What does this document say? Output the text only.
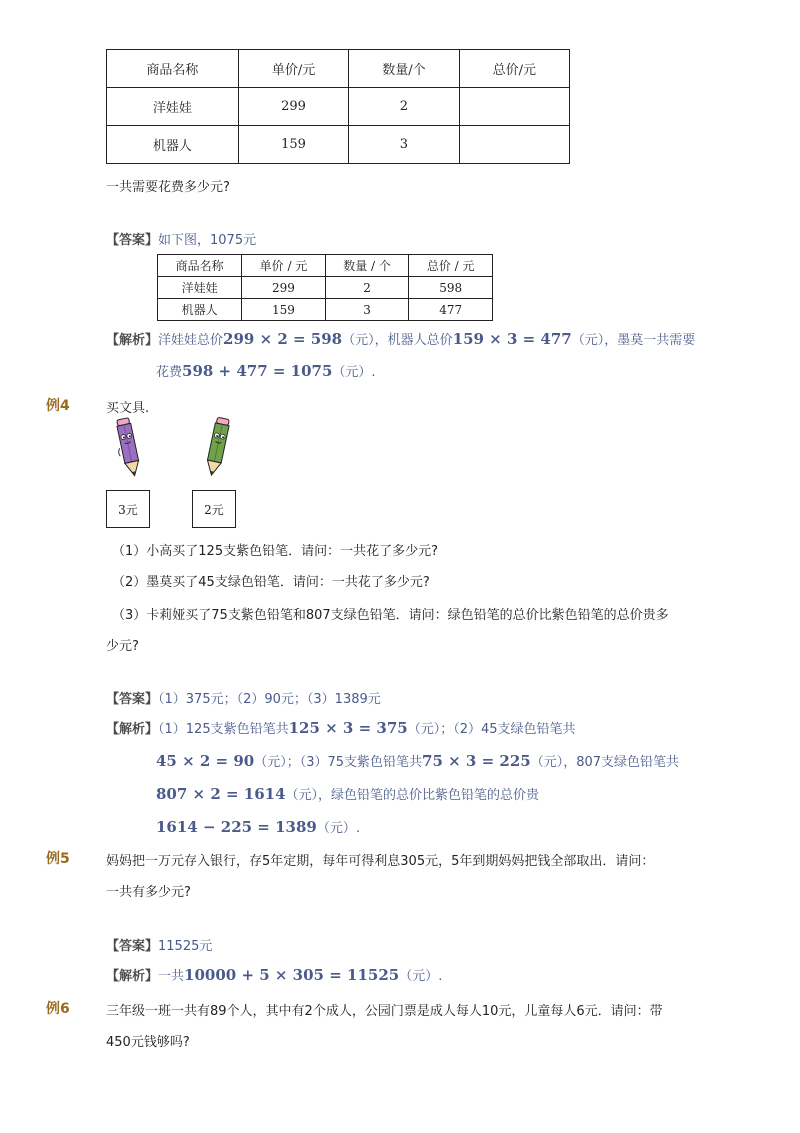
商品名称	单价/元	数量/个	总价/元
洋娃娃	299	2	
机器人	159	3	
一共需要花费多少元?
【答案】如下图，1075元
商品名称	单价 / 元	数量 / 个	总价 / 元
洋娃娃	299	2	598
机器人	159	3	477
【解析】洋娃娃总价299 × 2 = 598（元），机器人总价159 × 3 = 477（元），墨莫一共需要
花费598 + 477 = 1075（元）.
例4	买文具.
3元	2元
（1）小高买了125支紫色铅笔．请问：一共花了多少元?
（2）墨莫买了45支绿色铅笔．请问：一共花了多少元?
（3）卡莉娅买了75支紫色铅笔和807支绿色铅笔．请问：绿色铅笔的总价比紫色铅笔的总价贵多
少元?
【答案】（1）375元；（2）90元；（3）1389元
【解析】（1）125支紫色铅笔共125 × 3 = 375（元）；（2）45支绿色铅笔共
45 × 2 = 90（元）；（3）75支紫色铅笔共75 × 3 = 225（元），807支绿色铅笔共
807 × 2 = 1614（元），绿色铅笔的总价比紫色铅笔的总价贵
1614 − 225 = 1389（元）.
例5	妈妈把一万元存入银行，存5年定期，每年可得利息305元，5年到期妈妈把钱全部取出．请问：
一共有多少元?
【答案】11525元
【解析】一共10000 + 5 × 305 = 11525（元）.
例6	三年级一班一共有89个人，其中有2个成人，公园门票是成人每人10元，儿童每人6元．请问：带
450元钱够吗?
